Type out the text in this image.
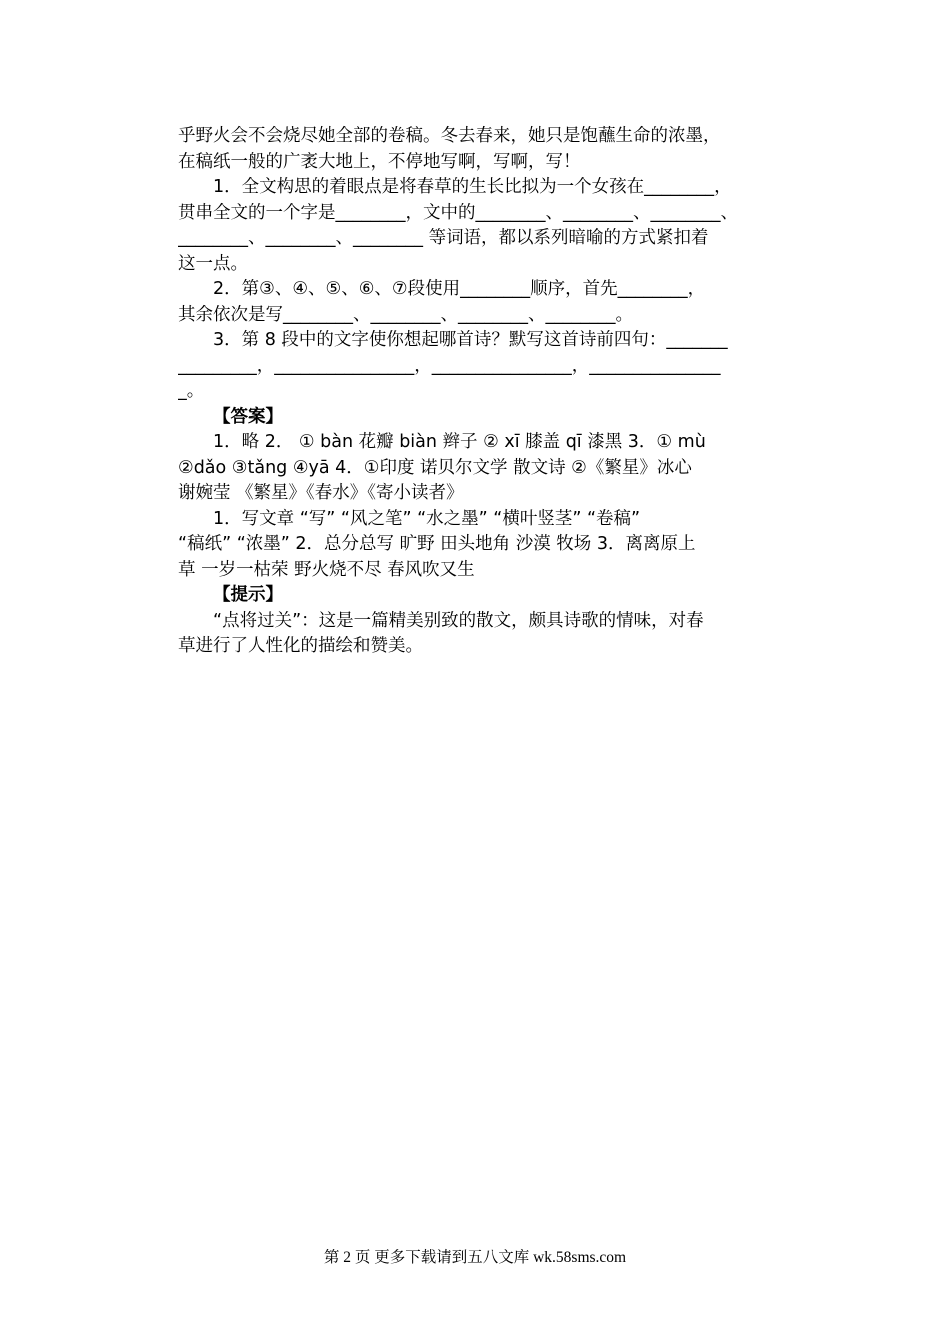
乎野火会不会烧尽她全部的卷稿。冬去春来，她只是饱蘸生命的浓墨，
在稿纸一般的广袤大地上，不停地写啊，写啊，写！
1．全文构思的着眼点是将春草的生长比拟为一个女孩在________，
贯串全文的一个字是________，文中的________、________、________、
________、________、________ 等词语，都以系列暗喻的方式紧扣着
这一点。
2．第③、④、⑤、⑥、⑦段使用________顺序，首先________，
其余依次是写________、________、________、________。
3．第 8 段中的文字使你想起哪首诗？默写这首诗前四句：_______
_________，________________，________________，_______________
_。
【答案】
1．略 2． ① bàn 花瓣 biàn 辫子 ② xī 膝盖 qī 漆黑 3．① mù
②dǎo ③tǎng ④yā 4．①印度 诺贝尔文学 散文诗 ②《繁星》冰心
谢婉莹 《繁星》《春水》《寄小读者》
1．写文章 “写” “风之笔” “水之墨” “横叶竖茎” “卷稿”
“稿纸” “浓墨” 2．总分总写 旷野 田头地角 沙漠 牧场 3．离离原上
草 一岁一枯荣 野火烧不尽 春风吹又生
【提示】
“点将过关”：这是一篇精美别致的散文，颇具诗歌的情味，对春
草进行了人性化的描绘和赞美。
第 2 页 更多下载请到五八文库 wk.58sms.com
